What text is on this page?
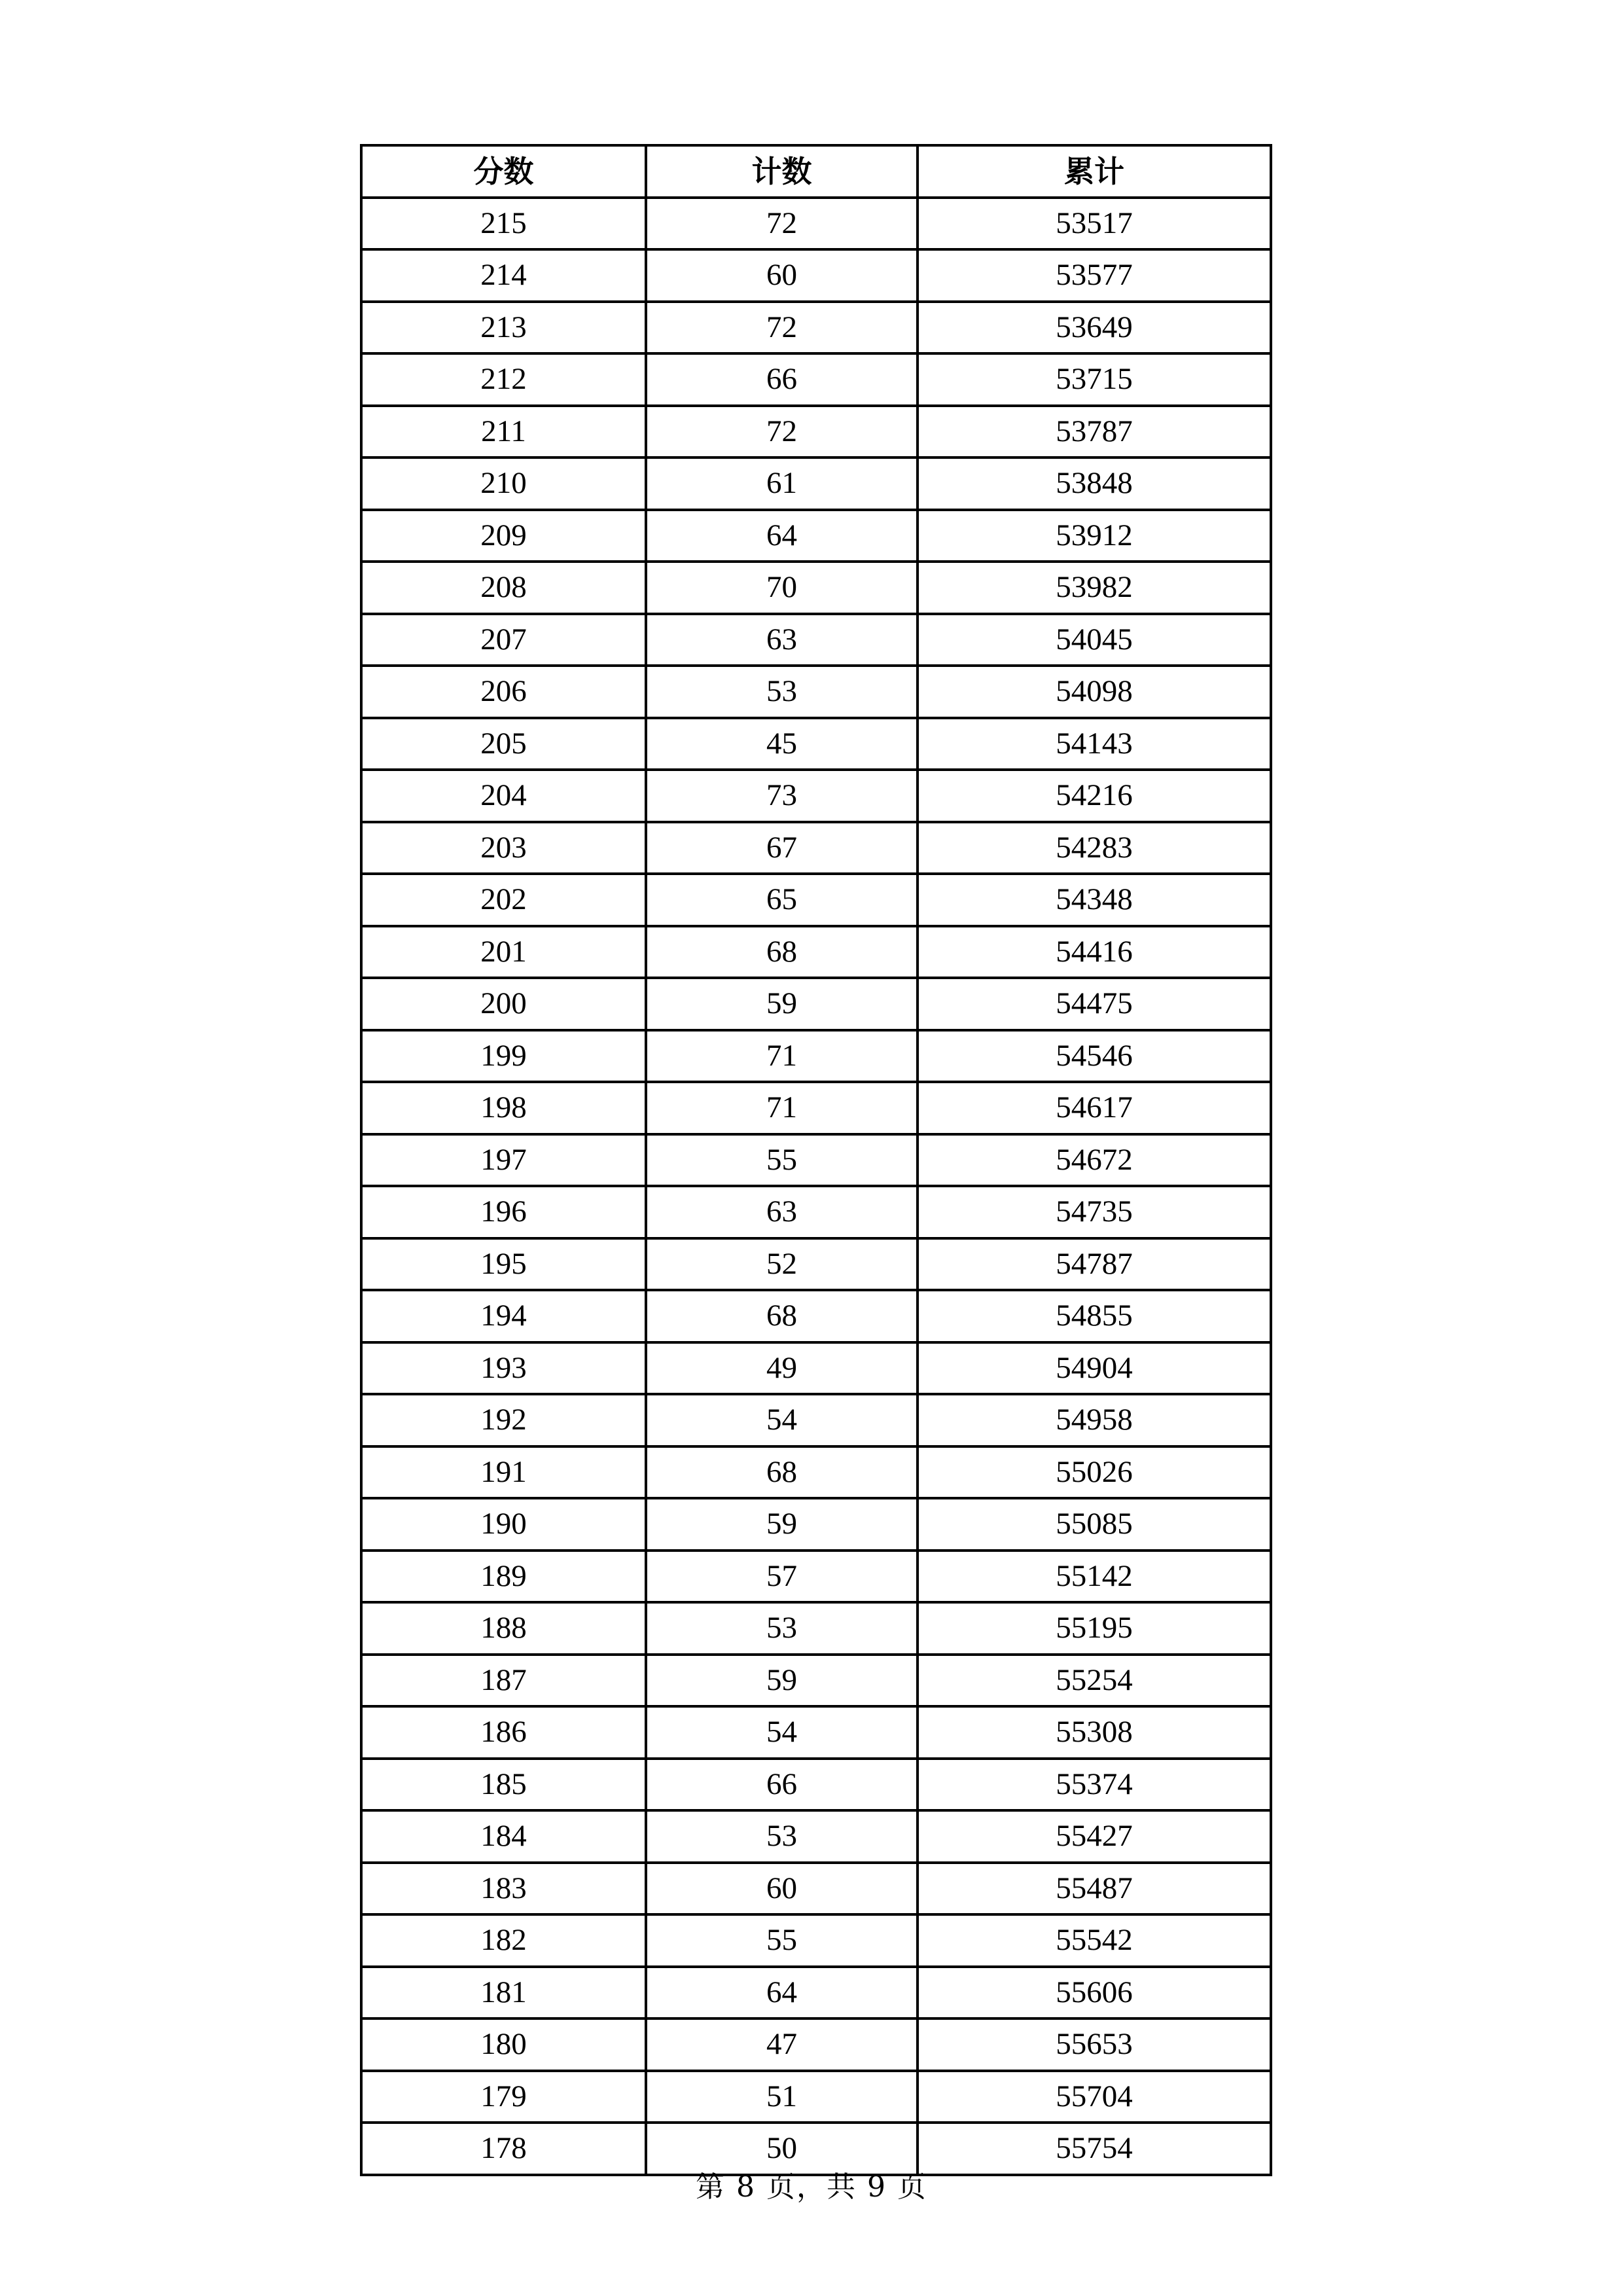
分数	计数	累计
215	72	53517
214	60	53577
213	72	53649
212	66	53715
211	72	53787
210	61	53848
209	64	53912
208	70	53982
207	63	54045
206	53	54098
205	45	54143
204	73	54216
203	67	54283
202	65	54348
201	68	54416
200	59	54475
199	71	54546
198	71	54617
197	55	54672
196	63	54735
195	52	54787
194	68	54855
193	49	54904
192	54	54958
191	68	55026
190	59	55085
189	57	55142
188	53	55195
187	59	55254
186	54	55308
185	66	55374
184	53	55427
183	60	55487
182	55	55542
181	64	55606
180	47	55653
179	51	55704
178	50	55754
第 8 页，共 9 页
